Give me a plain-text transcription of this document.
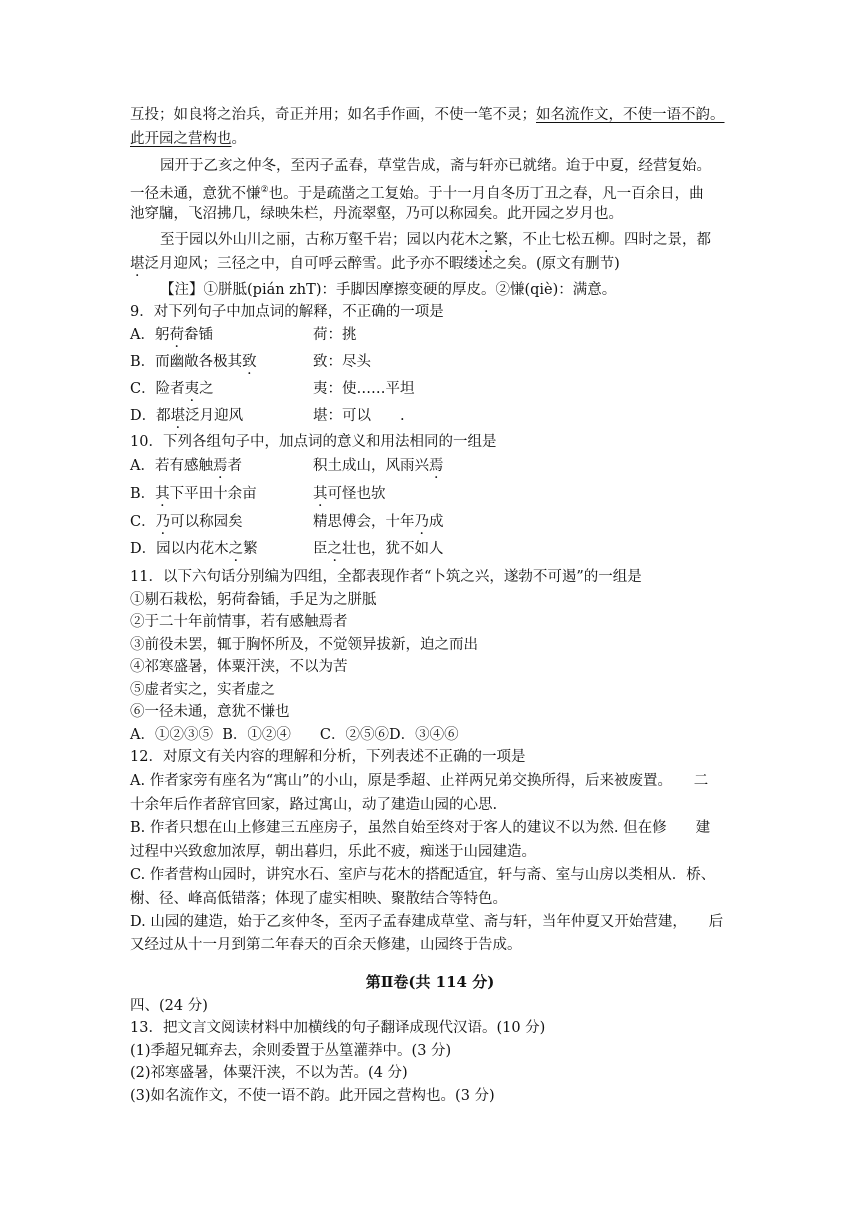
互投；如良将之治兵，奇正并用；如名手作画，不使一笔不灵；如名流作文，不使一语不韵。
此开园之营构也。
园开于乙亥之仲冬，至丙子孟春，草堂告成，斋与轩亦已就绪。迨于中夏，经营复始。
一径未通，意犹不慊②也。于是疏凿之工复始。于十一月自冬历丁丑之春，凡一百余日，曲
池穿牖，飞沼拂几，绿映朱栏，丹流翠壑，乃可以称园矣。此开园之岁月也。
至于园以外山川之丽，古称万壑千岩；园以内花木之繁，不止七松五柳。四时之景，都
堪泛月迎风；三径之中，自可呼云醉雪。此予亦不暇缕述之矣。(原文有删节)
【注】①胼胝(pián zhT)：手脚因摩擦变硬的厚皮。②慊(qiè)：满意。
9．对下列句子中加点词的解释，不正确的一项是
A．躬荷畚锸	荷：挑
B．而幽敞各极其致	致：尽头
C．险者夷之	夷：使……平坦
D．都堪泛月迎风	堪：可以　　.
10．下列各组句子中，加点词的意义和用法相同的一组是
A．若有感触焉者	积土成山，风雨兴焉
B．其下平田十余亩	其可怪也欤
C．乃可以称园矣	精思傅会，十年乃成
D．园以内花木之繁	臣之壮也，犹不如人
11．以下六句话分别编为四组，全都表现作者“卜筑之兴，遂勃不可遏”的一组是
①剔石栽松，躬荷畚锸，手足为之胼胝
②于二十年前情事，若有感触焉者
③前役未罢，辄于胸怀所及，不觉领异拔新，迫之而出
④祁寒盛暑，体粟汗浃，不以为苦
⑤虚者实之，实者虚之
⑥一径未通，意犹不慊也
A．①②③⑤  B．①②④　　C．②⑤⑥D．③④⑥
12．对原文有关内容的理解和分析，下列表述不正确的一项是
A. 作者家旁有座名为“寓山”的小山，原是季超、止祥两兄弟交换所得，后来被废置。　　二
十余年后作者辞官回家，路过寓山，动了建造山园的心思.
B. 作者只想在山上修建三五座房子，虽然自始至终对于客人的建议不以为然. 但在修　　建
过程中兴致愈加浓厚，朝出暮归，乐此不疲，痴迷于山园建造。
C. 作者营构山园时，讲究水石、室庐与花木的搭配适宜，轩与斋、室与山房以类相从．桥、
榭、径、峰高低错落；体现了虚实相映、聚散结合等特色。
D. 山园的建造，始于乙亥仲冬，至丙子孟春建成草堂、斋与轩，当年仲夏又开始营建，　　后
又经过从十一月到第二年春天的百余天修建，山园终于告成。
第Ⅱ卷(共 114 分)
四、(24 分)
13．把文言文阅读材料中加横线的句子翻译成现代汉语。(10 分)
(1)季超兄辄弃去，余则委置于丛篁灌莽中。(3 分)
(2)祁寒盛暑，体粟汗浃，不以为苦。(4 分)
(3)如名流作文，不使一语不韵。此开园之营构也。(3 分)
